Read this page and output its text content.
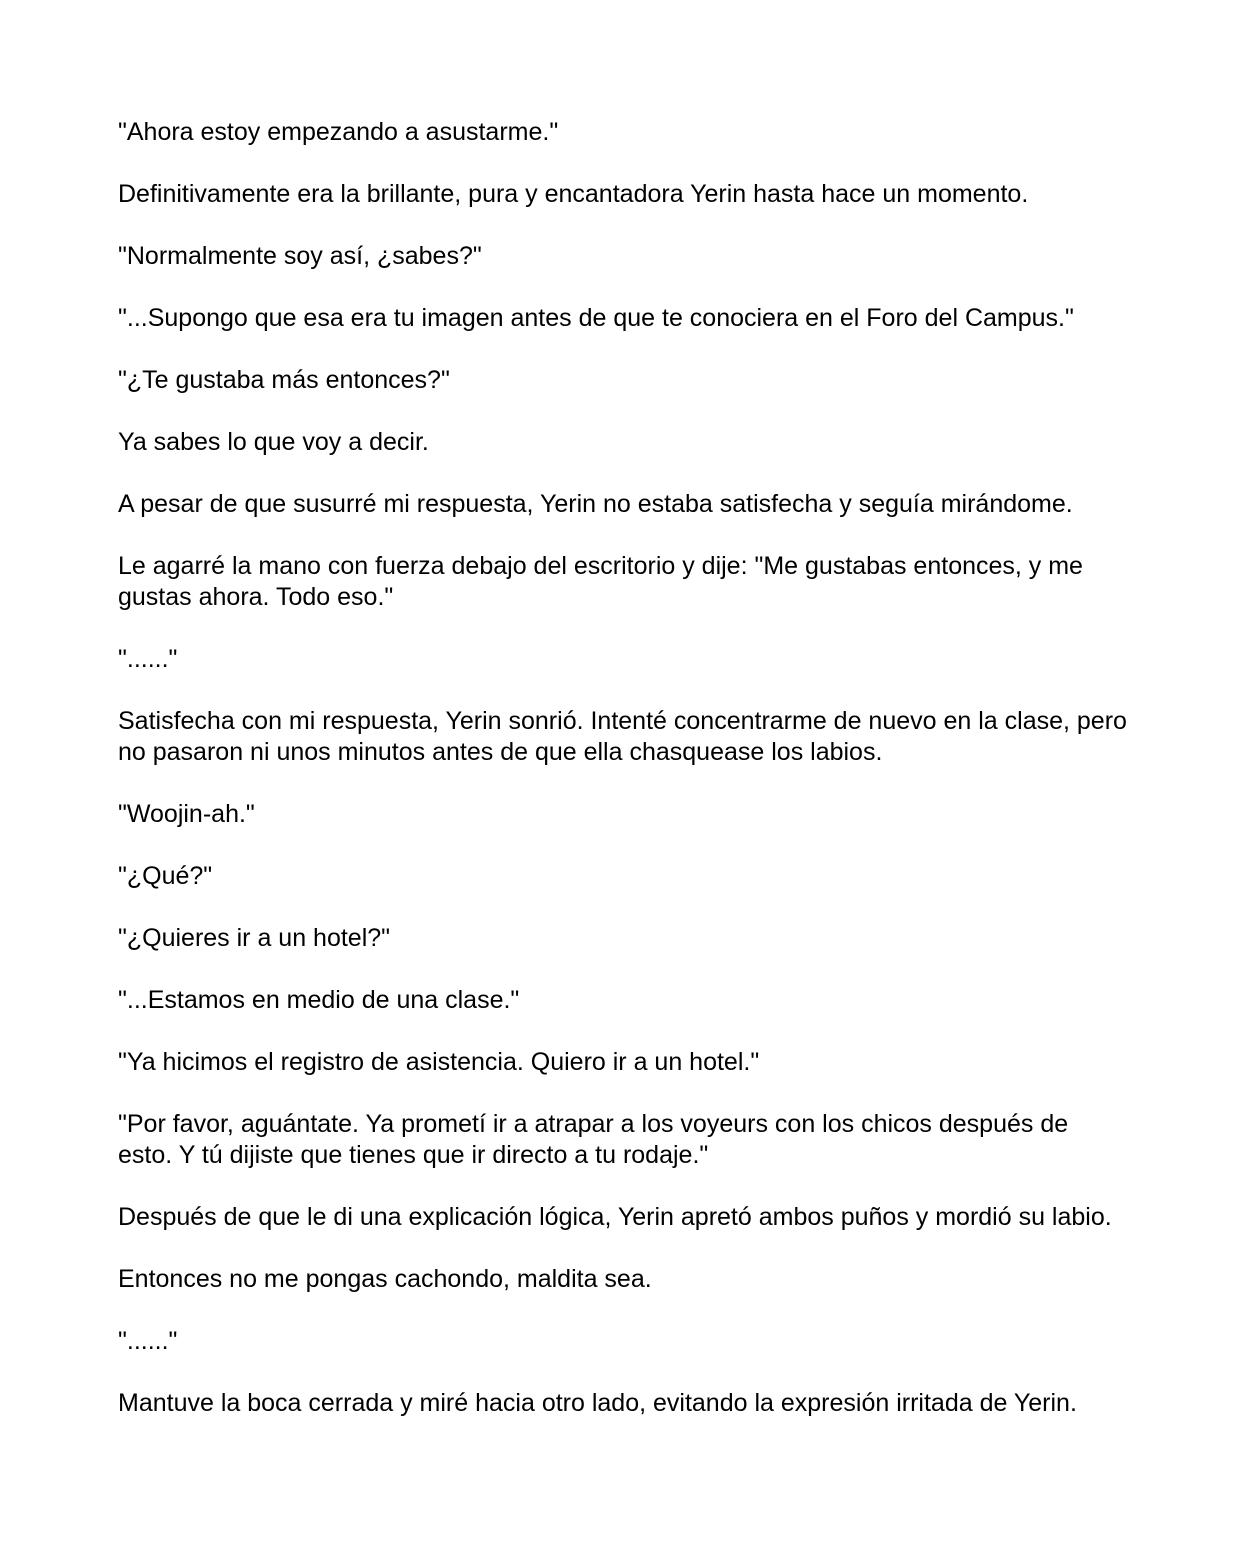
"Ahora estoy empezando a asustarme."

Definitivamente era la brillante, pura y encantadora Yerin hasta hace un momento.

"Normalmente soy así, ¿sabes?"

"...Supongo que esa era tu imagen antes de que te conociera en el Foro del Campus."

"¿Te gustaba más entonces?"

Ya sabes lo que voy a decir.

A pesar de que susurré mi respuesta, Yerin no estaba satisfecha y seguía mirándome.

Le agarré la mano con fuerza debajo del escritorio y dije: "Me gustabas entonces, y me gustas ahora. Todo eso."

"......"

Satisfecha con mi respuesta, Yerin sonrió. Intenté concentrarme de nuevo en la clase, pero no pasaron ni unos minutos antes de que ella chasquease los labios.

"Woojin-ah."

"¿Qué?"

"¿Quieres ir a un hotel?"

"...Estamos en medio de una clase."

"Ya hicimos el registro de asistencia. Quiero ir a un hotel."

"Por favor, aguántate. Ya prometí ir a atrapar a los voyeurs con los chicos después de esto. Y tú dijiste que tienes que ir directo a tu rodaje."

Después de que le di una explicación lógica, Yerin apretó ambos puños y mordió su labio.

Entonces no me pongas cachondo, maldita sea.

"......"

Mantuve la boca cerrada y miré hacia otro lado, evitando la expresión irritada de Yerin.
